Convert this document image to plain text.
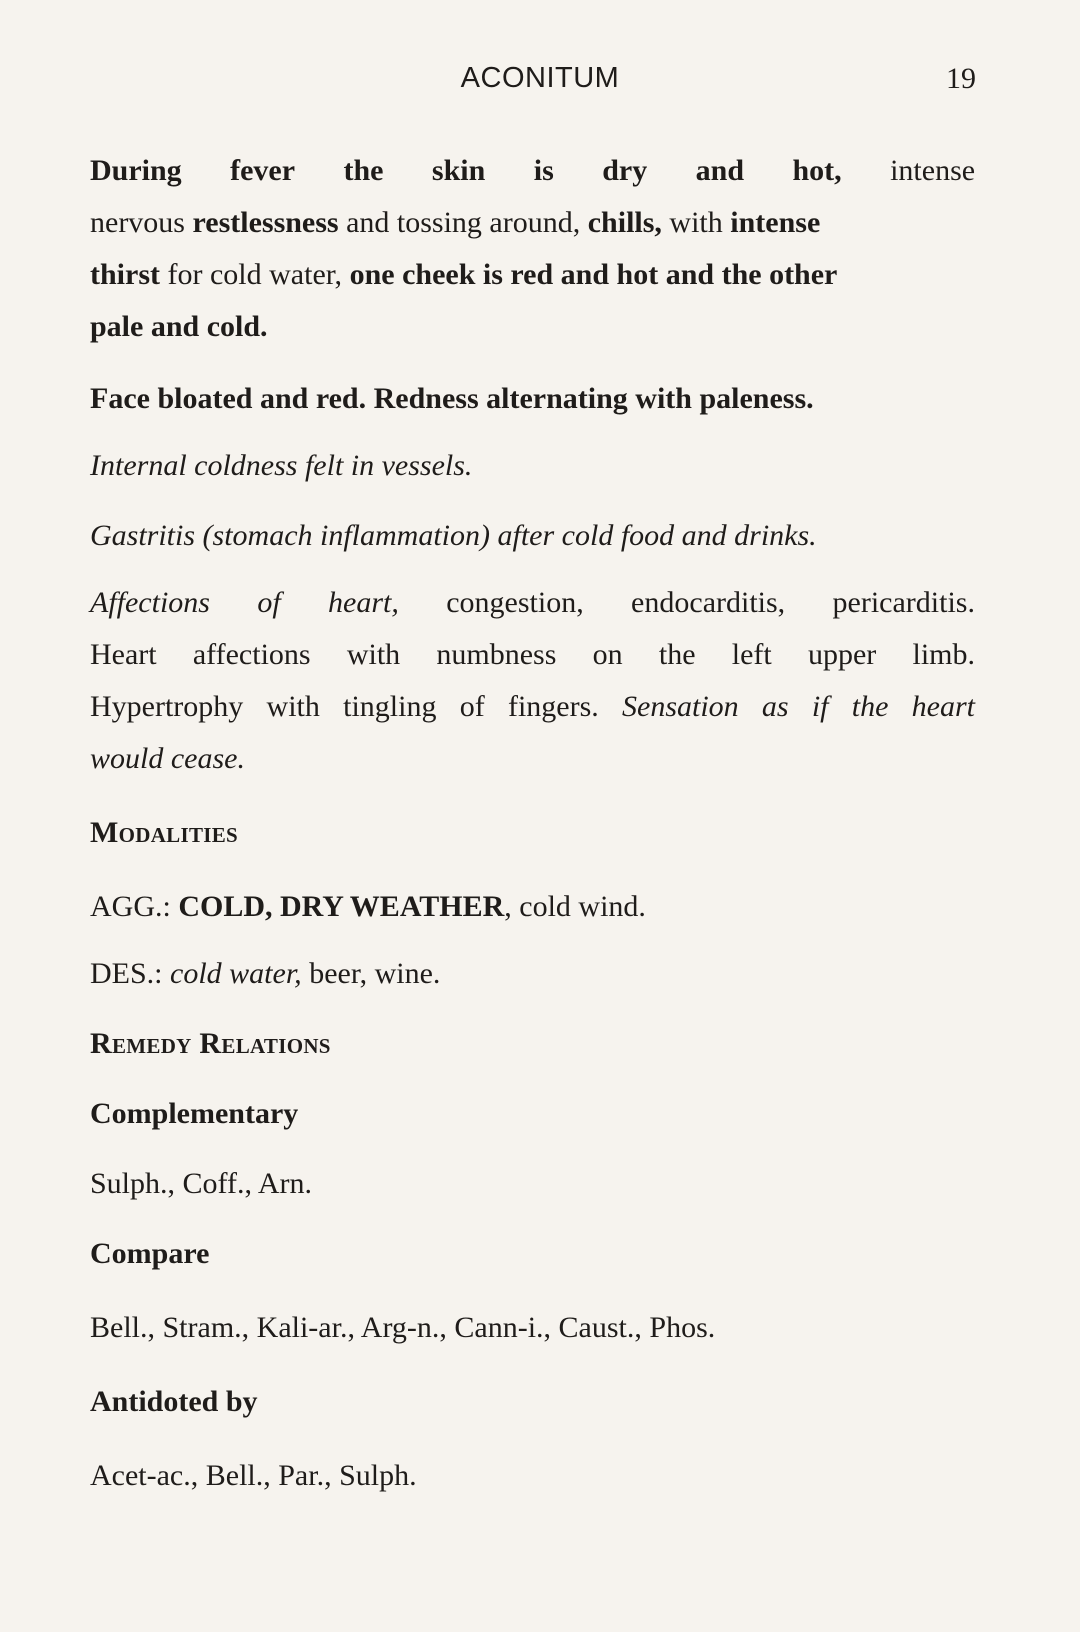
ACONITUM	19

During fever the skin is dry and hot, intense

nervous restlessness and tossing around, chills, with intense

thirst for cold water, one cheek is red and hot and the other

pale and cold.

Face bloated and red. Redness alternating with paleness.

Internal coldness felt in vessels.

Gastritis (stomach inflammation) after cold food and drinks.

Affections of heart, congestion, endocarditis, pericarditis.

Heart affections with numbness on the left upper limb.

Hypertrophy with tingling of fingers. Sensation as if the heart

would cease.

Modalities

AGG.: COLD, DRY WEATHER, cold wind.

DES.: cold water, beer, wine.

Remedy Relations

Complementary

Sulph., Coff., Arn.

Compare

Bell., Stram., Kali-ar., Arg-n., Cann-i., Caust., Phos.

Antidoted by

Acet-ac., Bell., Par., Sulph.
